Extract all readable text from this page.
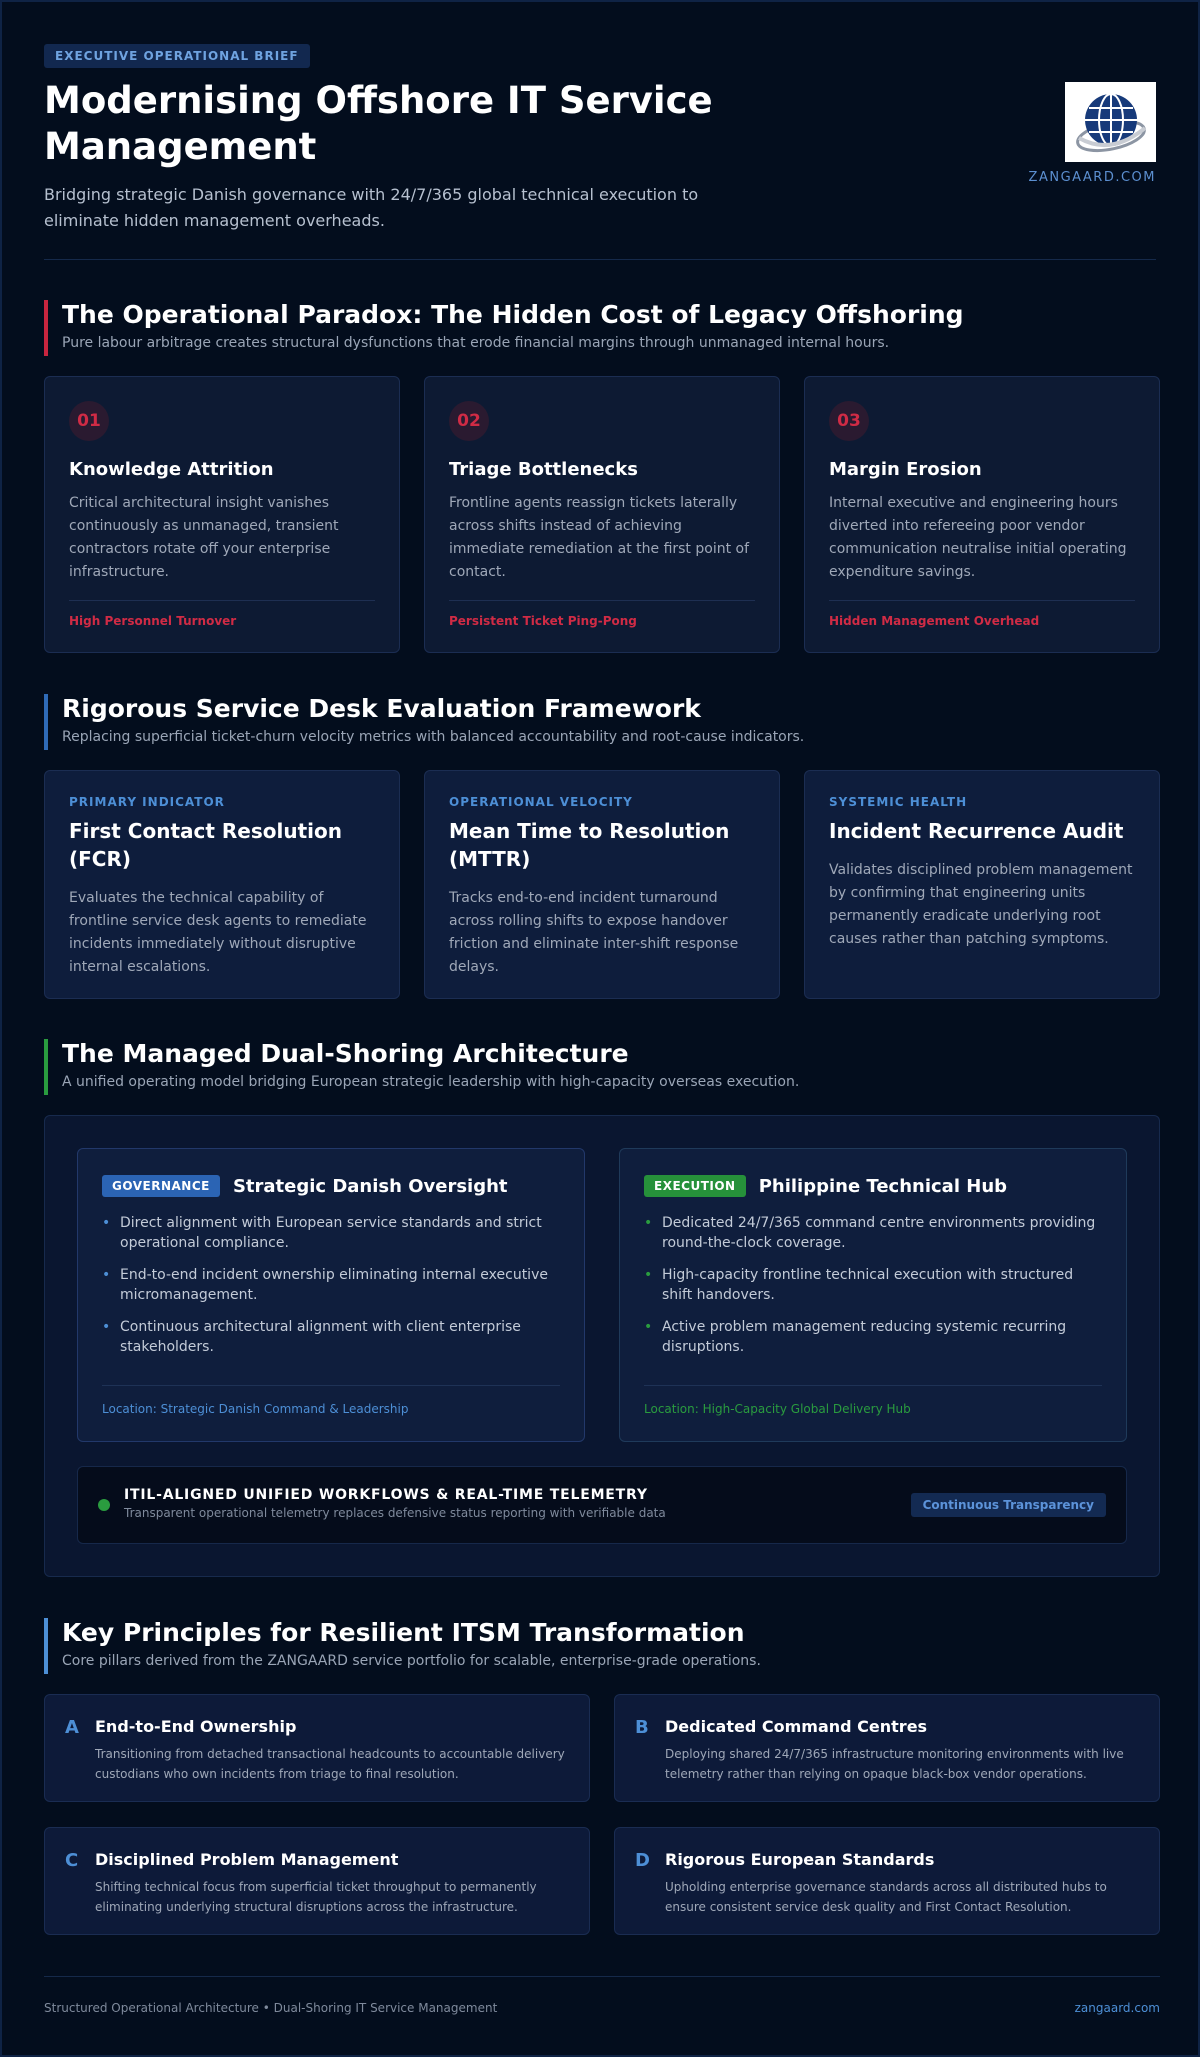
EXECUTIVE OPERATIONAL BRIEF
Modernising Offshore IT Service Management

Bridging strategic Danish governance with 24/7/365 global technical execution to eliminate hidden management overheads.

ZANGAARD.COM
The Operational Paradox: The Hidden Cost of Legacy Offshoring

Pure labour arbitrage creates structural dysfunctions that erode financial margins through unmanaged internal hours.

01
Knowledge Attrition

Critical architectural insight vanishes continuously as unmanaged, transient contractors rotate off your enterprise infrastructure.

High Personnel Turnover
02
Triage Bottlenecks

Frontline agents reassign tickets laterally across shifts instead of achieving immediate remediation at the first point of contact.

Persistent Ticket Ping-Pong
03
Margin Erosion

Internal executive and engineering hours diverted into refereeing poor vendor communication neutralise initial operating expenditure savings.

Hidden Management Overhead
Rigorous Service Desk Evaluation Framework

Replacing superficial ticket-churn velocity metrics with balanced accountability and root-cause indicators.

PRIMARY INDICATOR
First Contact Resolution (FCR)

Evaluates the technical capability of frontline service desk agents to remediate incidents immediately without disruptive internal escalations.

OPERATIONAL VELOCITY
Mean Time to Resolution (MTTR)

Tracks end-to-end incident turnaround across rolling shifts to expose handover friction and eliminate inter-shift response delays.

SYSTEMIC HEALTH
Incident Recurrence Audit

Validates disciplined problem management by confirming that engineering units permanently eradicate underlying root causes rather than patching symptoms.

The Managed Dual-Shoring Architecture

A unified operating model bridging European strategic leadership with high-capacity overseas execution.

GOVERNANCE Strategic Danish Oversight
• Direct alignment with European service standards and strict operational compliance.
• End-to-end incident ownership eliminating internal executive micromanagement.
• Continuous architectural alignment with client enterprise stakeholders.
Location: Strategic Danish Command & Leadership
EXECUTION Philippine Technical Hub
• Dedicated 24/7/365 command centre environments providing round-the-clock coverage.
• High-capacity frontline technical execution with structured shift handovers.
• Active problem management reducing systemic recurring disruptions.
Location: High-Capacity Global Delivery Hub
ITIL-ALIGNED UNIFIED WORKFLOWS & REAL-TIME TELEMETRY
Transparent operational telemetry replaces defensive status reporting with verifiable data
Continuous Transparency
Key Principles for Resilient ITSM Transformation

Core pillars derived from the ZANGAARD service portfolio for scalable, enterprise-grade operations.

A End-to-End Ownership

Transitioning from detached transactional headcounts to accountable delivery custodians who own incidents from triage to final resolution.

B Dedicated Command Centres

Deploying shared 24/7/365 infrastructure monitoring environments with live telemetry rather than relying on opaque black-box vendor operations.

C Disciplined Problem Management

Shifting technical focus from superficial ticket throughput to permanently eliminating underlying structural disruptions across the infrastructure.

D Rigorous European Standards

Upholding enterprise governance standards across all distributed hubs to ensure consistent service desk quality and First Contact Resolution.

Structured Operational Architecture • Dual-Shoring IT Service Management	zangaard.com
